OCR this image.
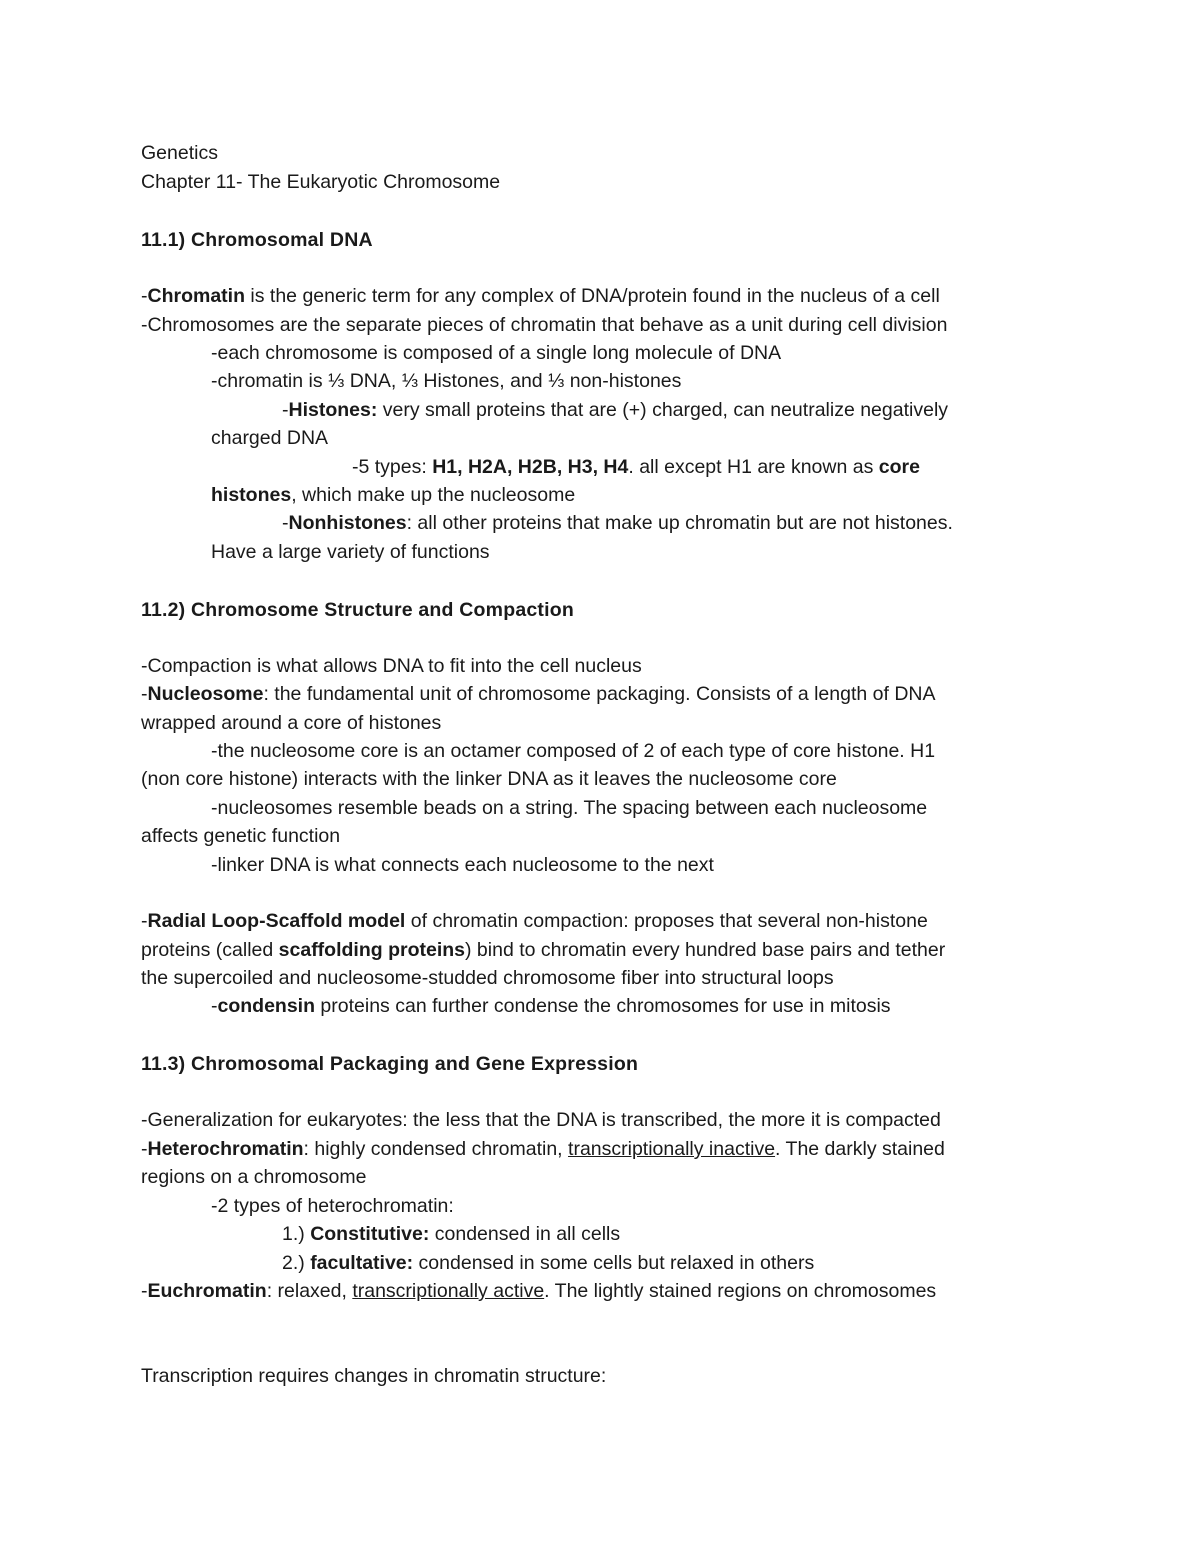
Genetics
Chapter 11- The Eukaryotic Chromosome
11.1) Chromosomal DNA
-Chromatin is the generic term for any complex of DNA/protein found in the nucleus of a cell
-Chromosomes are the separate pieces of chromatin that behave as a unit during cell division
-each chromosome is composed of a single long molecule of DNA
-chromatin is ⅓ DNA, ⅓ Histones, and ⅓ non-histones
-Histones: very small proteins that are (+) charged, can neutralize negatively
charged DNA
-5 types: H1, H2A, H2B, H3, H4. all except H1 are known as core
histones, which make up the nucleosome
-Nonhistones: all other proteins that make up chromatin but are not histones.
Have a large variety of functions
11.2) Chromosome Structure and Compaction
-Compaction is what allows DNA to fit into the cell nucleus
-Nucleosome: the fundamental unit of chromosome packaging. Consists of a length of DNA
wrapped around a core of histones
-the nucleosome core is an octamer composed of 2 of each type of core histone. H1
(non core histone) interacts with the linker DNA as it leaves the nucleosome core
-nucleosomes resemble beads on a string. The spacing between each nucleosome
affects genetic function
-linker DNA is what connects each nucleosome to the next
-Radial Loop-Scaffold model of chromatin compaction: proposes that several non-histone
proteins (called scaffolding proteins) bind to chromatin every hundred base pairs and tether
the supercoiled and nucleosome-studded chromosome fiber into structural loops
-condensin proteins can further condense the chromosomes for use in mitosis
11.3) Chromosomal Packaging and Gene Expression
-Generalization for eukaryotes: the less that the DNA is transcribed, the more it is compacted
-Heterochromatin: highly condensed chromatin, transcriptionally inactive. The darkly stained
regions on a chromosome
-2 types of heterochromatin:
1.) Constitutive: condensed in all cells
2.) facultative: condensed in some cells but relaxed in others
-Euchromatin: relaxed, transcriptionally active. The lightly stained regions on chromosomes
Transcription requires changes in chromatin structure:
